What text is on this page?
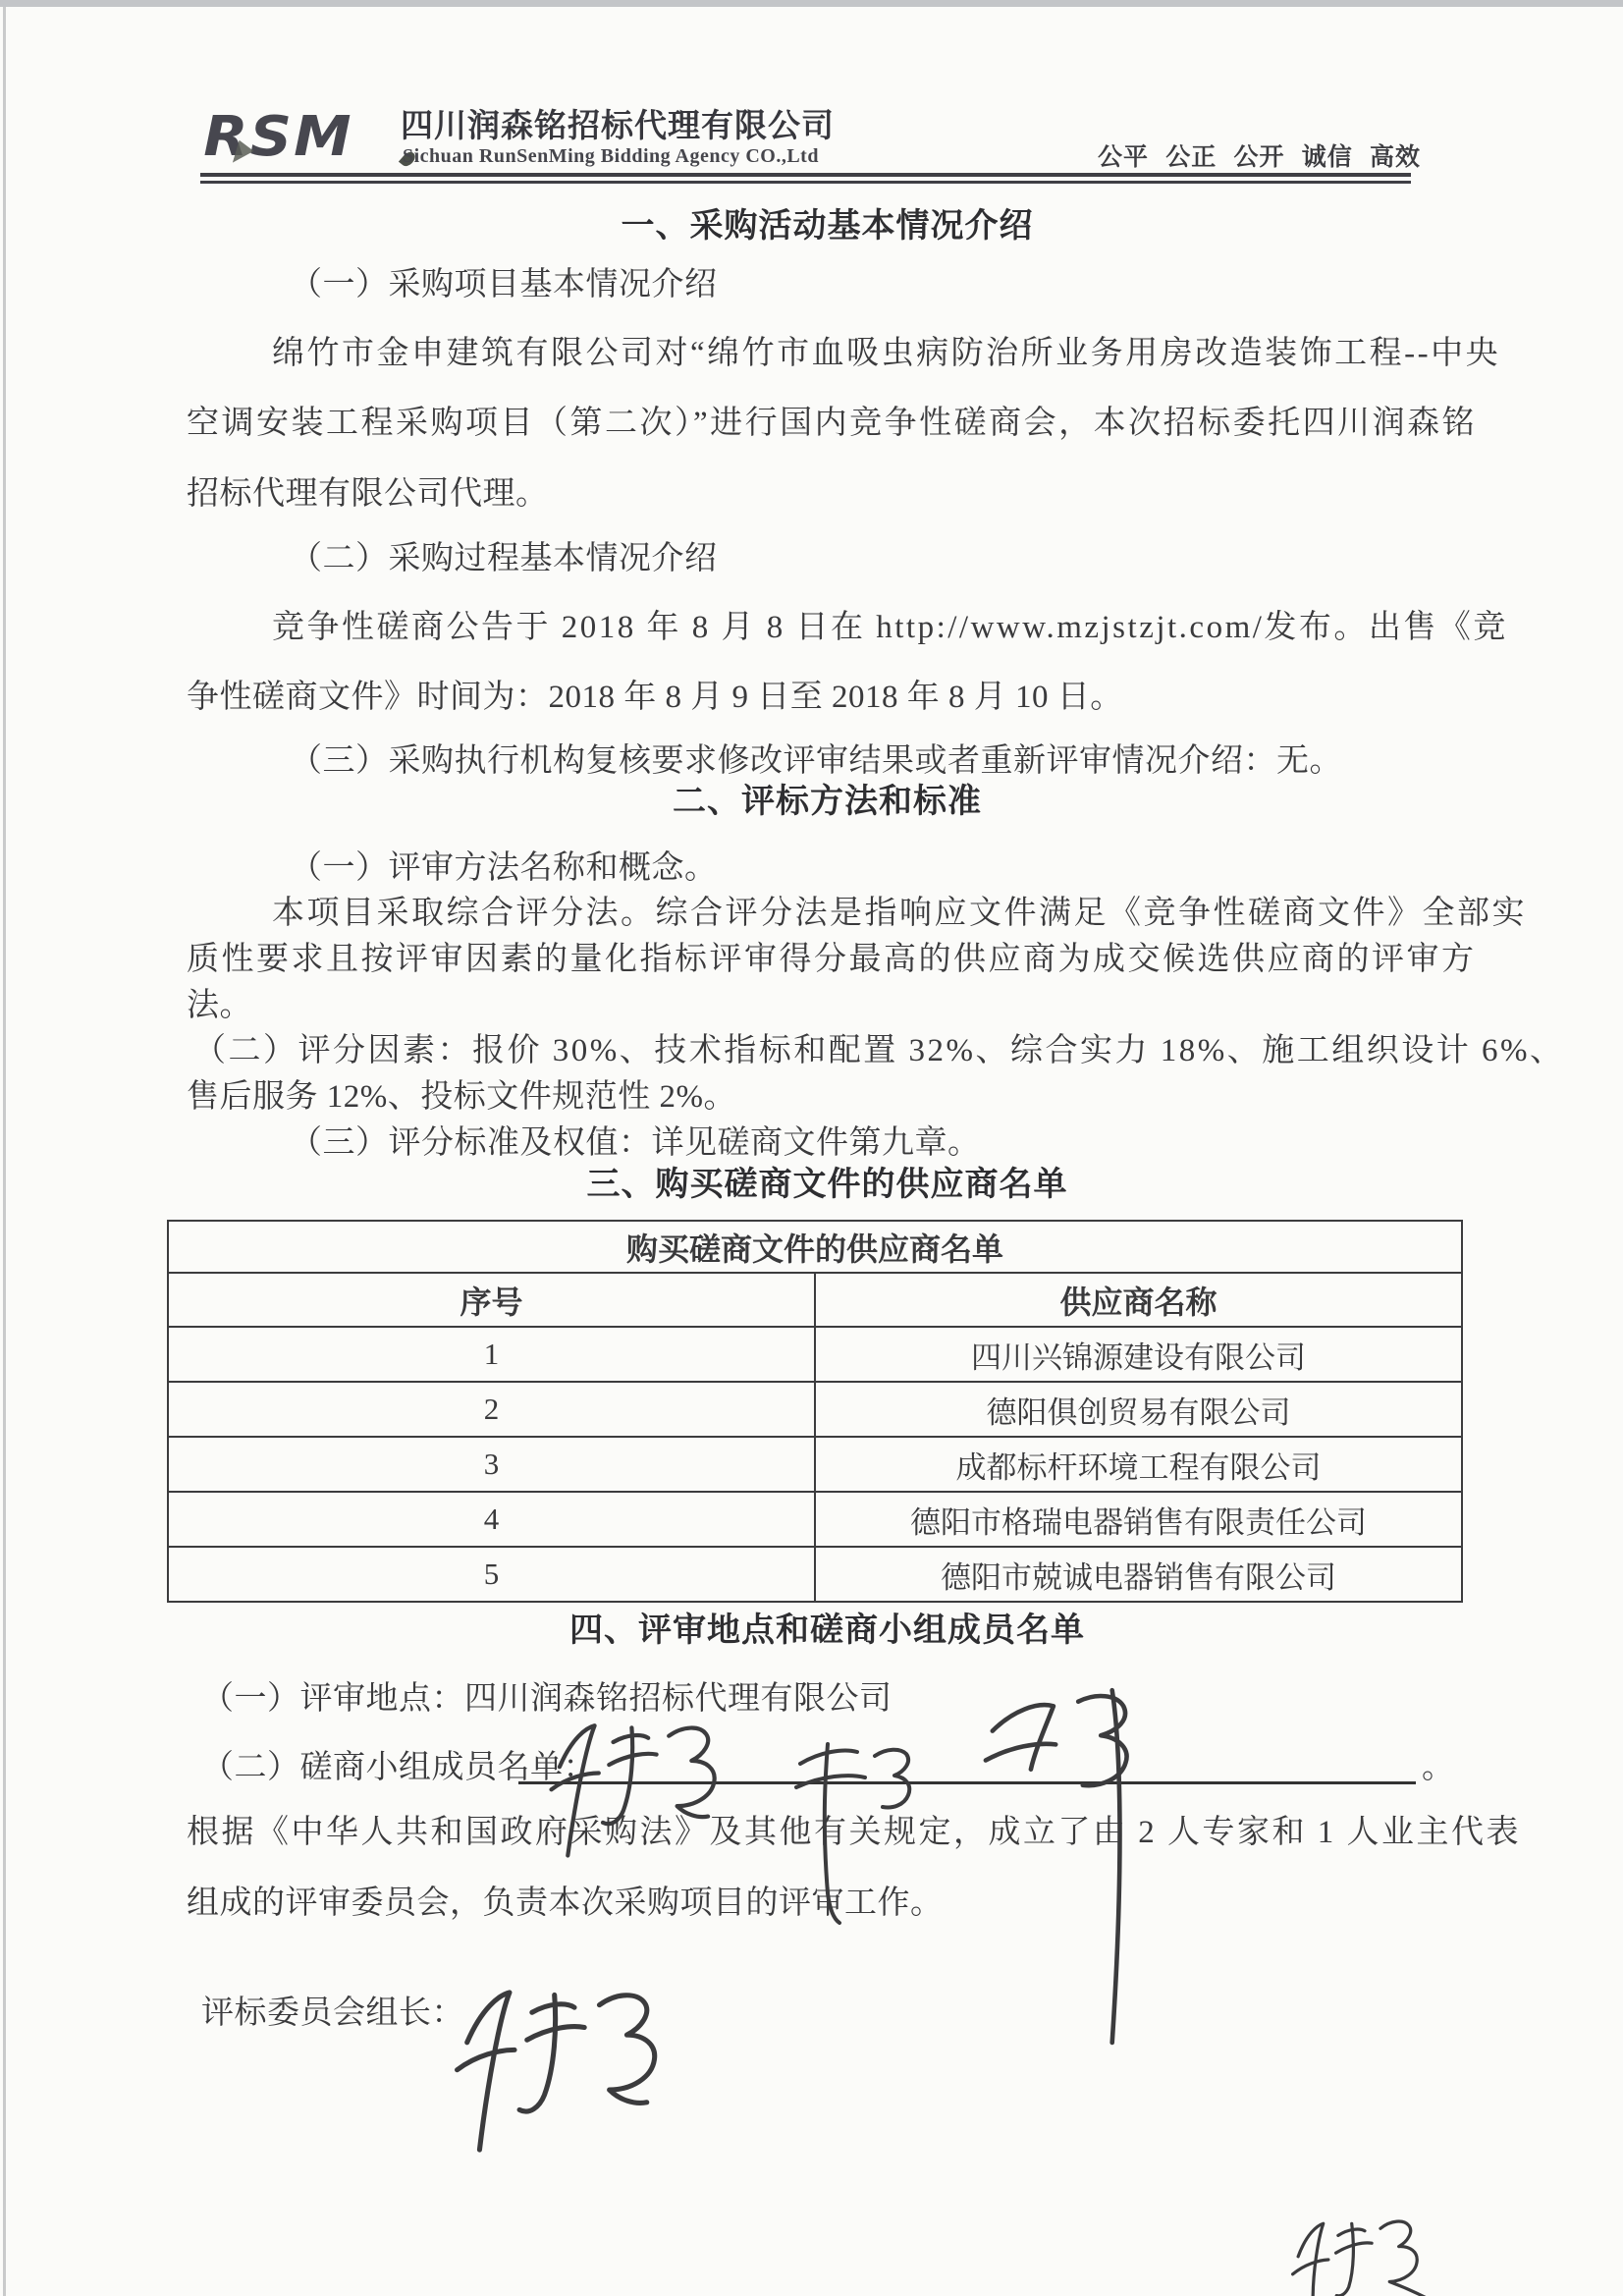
RSM	四川润森铭招标代理有限公司
Sichuan RunSenMing Bidding Agency CO.,Ltd	公平 公正 公开 诚信 高效
一、采购活动基本情况介绍
（一）采购项目基本情况介绍
绵竹市金申建筑有限公司对“绵竹市血吸虫病防治所业务用房改造装饰工程--中央
空调安装工程采购项目（第二次）”进行国内竞争性磋商会，本次招标委托四川润森铭
招标代理有限公司代理。
（二）采购过程基本情况介绍
竞争性磋商公告于 2018 年 8 月 8 日在 http://www.mzjstzjt.com/发布。出售《竞
争性磋商文件》时间为：2018 年 8 月 9 日至 2018 年 8 月 10 日。
（三）采购执行机构复核要求修改评审结果或者重新评审情况介绍：无。
二、评标方法和标准
（一）评审方法名称和概念。
本项目采取综合评分法。综合评分法是指响应文件满足《竞争性磋商文件》全部实
质性要求且按评审因素的量化指标评审得分最高的供应商为成交候选供应商的评审方
法。
（二）评分因素：报价 30%、技术指标和配置 32%、综合实力 18%、施工组织设计 6%、
售后服务 12%、投标文件规范性 2%。
（三）评分标准及权值：详见磋商文件第九章。
三、购买磋商文件的供应商名单
购买磋商文件的供应商名单	
序号	供应商名称
1	四川兴锦源建设有限公司
2	德阳俱创贸易有限公司
3	成都标杆环境工程有限公司
4	德阳市格瑞电器销售有限责任公司
5	德阳市兢诚电器销售有限公司
四、评审地点和磋商小组成员名单
（一）评审地点：四川润森铭招标代理有限公司
（二）磋商小组成员名单：	。
根据《中华人共和国政府采购法》及其他有关规定，成立了由 2 人专家和 1 人业主代表
组成的评审委员会，负责本次采购项目的评审工作。
评标委员会组长：
